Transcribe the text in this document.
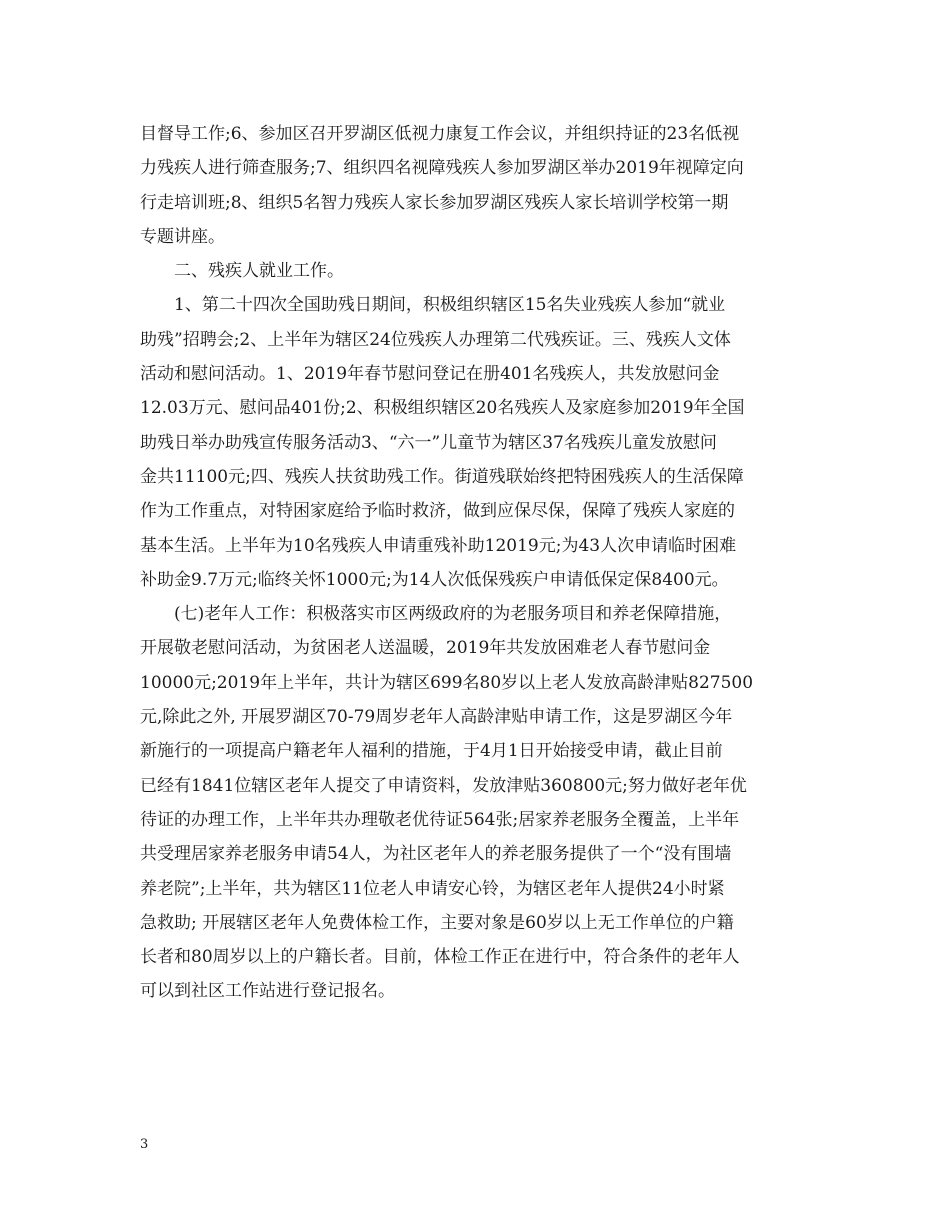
目督导工作;6、参加区召开罗湖区低视力康复工作会议，并组织持证的23名低视
力残疾人进行筛查服务;7、组织四名视障残疾人参加罗湖区举办2019年视障定向
行走培训班;8、组织5名智力残疾人家长参加罗湖区残疾人家长培训学校第一期
专题讲座。
二、残疾人就业工作。
1、第二十四次全国助残日期间，积极组织辖区15名失业残疾人参加“就业
助残”招聘会;2、上半年为辖区24位残疾人办理第二代残疾证。三、残疾人文体
活动和慰问活动。1、2019年春节慰问登记在册401名残疾人，共发放慰问金
12.03万元、慰问品401份;2、积极组织辖区20名残疾人及家庭参加2019年全国
助残日举办助残宣传服务活动3、“六一”儿童节为辖区37名残疾儿童发放慰问
金共11100元;四、残疾人扶贫助残工作。街道残联始终把特困残疾人的生活保障
作为工作重点，对特困家庭给予临时救济，做到应保尽保，保障了残疾人家庭的
基本生活。上半年为10名残疾人申请重残补助12019元;为43人次申请临时困难
补助金9.7万元;临终关怀1000元;为14人次低保残疾户申请低保定保8400元。
(七)老年人工作：积极落实市区两级政府的为老服务项目和养老保障措施，
开展敬老慰问活动，为贫困老人送温暖，2019年共发放困难老人春节慰问金
10000元;2019年上半年，共计为辖区699名80岁以上老人发放高龄津贴827500
元,除此之外, 开展罗湖区70-79周岁老年人高龄津贴申请工作，这是罗湖区今年
新施行的一项提高户籍老年人福利的措施，于4月1日开始接受申请，截止目前
已经有1841位辖区老年人提交了申请资料，发放津贴360800元;努力做好老年优
待证的办理工作，上半年共办理敬老优待证564张;居家养老服务全覆盖，上半年
共受理居家养老服务申请54人，为社区老年人的养老服务提供了一个“没有围墙
养老院”;上半年，共为辖区11位老人申请安心铃，为辖区老年人提供24小时紧
急救助; 开展辖区老年人免费体检工作，主要对象是60岁以上无工作单位的户籍
长者和80周岁以上的户籍长者。目前，体检工作正在进行中，符合条件的老年人
可以到社区工作站进行登记报名。
3
